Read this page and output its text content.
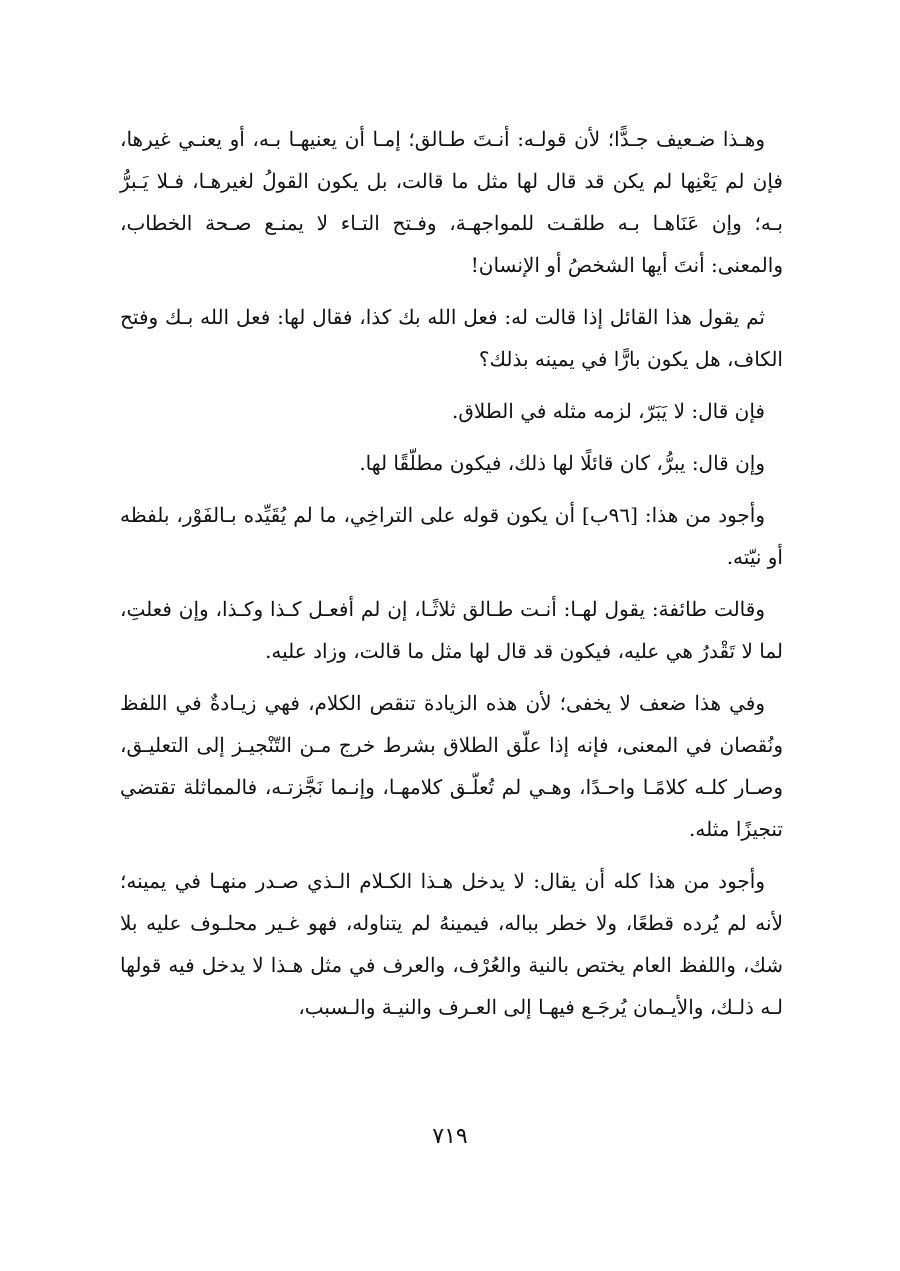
وهـذا ضـعيف جـدًّا؛ لأن قولـه: أنـتَ طـالق؛ إمـا أن يعنيهـا بـه، أو يعنـي غيرها، فإن لم يَعْنِها لم يكن قد قال لها مثل ما قالت، بل يكون القولُ لغيرهـا، فـلا يَـبرُّ بـه؛ وإن عَنَاهـا بـه طلقـت للمواجهـة، وفـتح التـاء لا يمنـع صـحة الخطاب، والمعنى: أنتَ أيها الشخصُ أو الإنسان!

ثم يقول هذا القائل إذا قالت له: فعل الله بك كذا، فقال لها: فعل الله بـك وفتح الكاف، هل يكون بارًّا في يمينه بذلك؟

فإن قال: لا يَبَرّ، لزمه مثله في الطلاق.

وإن قال: يبرُّ، كان قائلًا لها ذلك، فيكون مطلّقًا لها.

وأجود من هذا: [٩٦ب] أن يكون قوله على التراخِي، ما لم يُقَيِّده بـالفَوْر، بلفظه أو نيّته.

وقالت طائفة: يقول لهـا: أنـت طـالق ثلاثًـا، إن لم أفعـل كـذا وكـذا، وإن فعلتِ، لما لا تَقْدرُ هي عليه، فيكون قد قال لها مثل ما قالت، وزاد عليه.

وفي هذا ضعف لا يخفى؛ لأن هذه الزيادة تنقص الكلام، فهي زيـادةٌ في اللفظ ونُقصان في المعنى، فإنه إذا علّق الطلاق بشرط خرج مـن التّنْجيـز إلى التعليـق، وصـار كلـه كلامًـا واحـدًا، وهـي لم تُعلّـق كلامهـا، وإنـما نَجَّزتـه، فالمماثلة تقتضي تنجيزًا مثله.

وأجود من هذا كله أن يقال: لا يدخل هـذا الكـلام الـذي صـدر منهـا في يمينه؛ لأنه لم يُرده قطعًا، ولا خطر بباله، فيمينهُ لم يتناوله، فهو غـير محلـوف عليه بلا شك، واللفظ العام يختص بالنية والعُرْف، والعرف في مثل هـذا لا يدخل فيه قولها لـه ذلـك، والأيـمان يُرجَـع فيهـا إلى العـرف والنيـة والـسبب،

٧١٩
